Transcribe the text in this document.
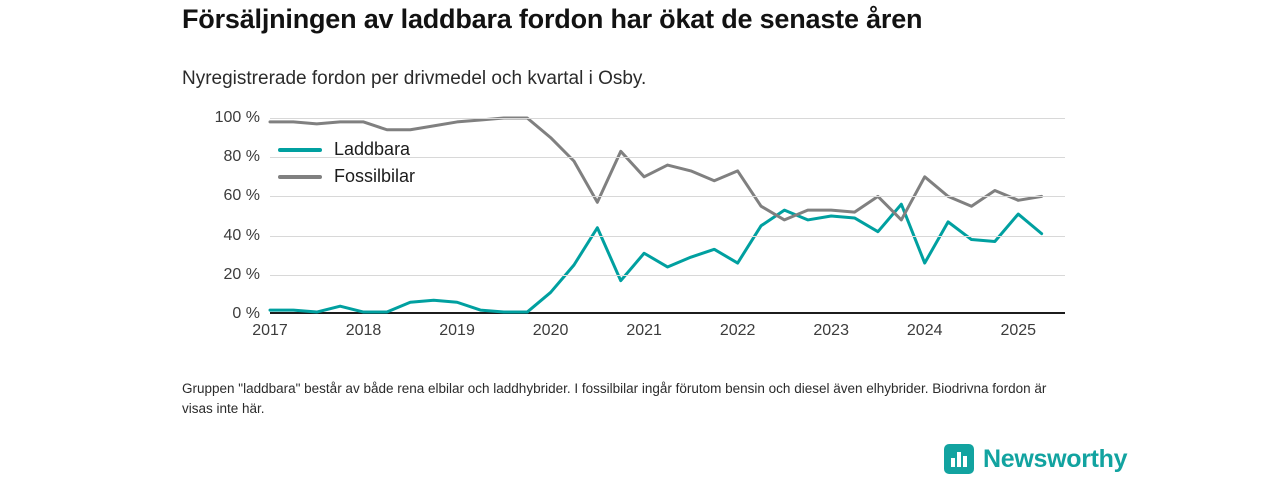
Försäljningen av laddbara fordon har ökat de senaste åren
Nyregistrerade fordon per drivmedel och kvartal i Osby.
0 %
20 %
40 %
60 %
80 %
100 %
2017	2018	2019	2020	2021	2022	2023	2024	2025
Laddbara
Fossilbilar
Gruppen "laddbara" består av både rena elbilar och laddhybrider. I fossilbilar ingår förutom bensin och diesel även elhybrider. Biodrivna fordon är visas inte här.
Newsworthy
